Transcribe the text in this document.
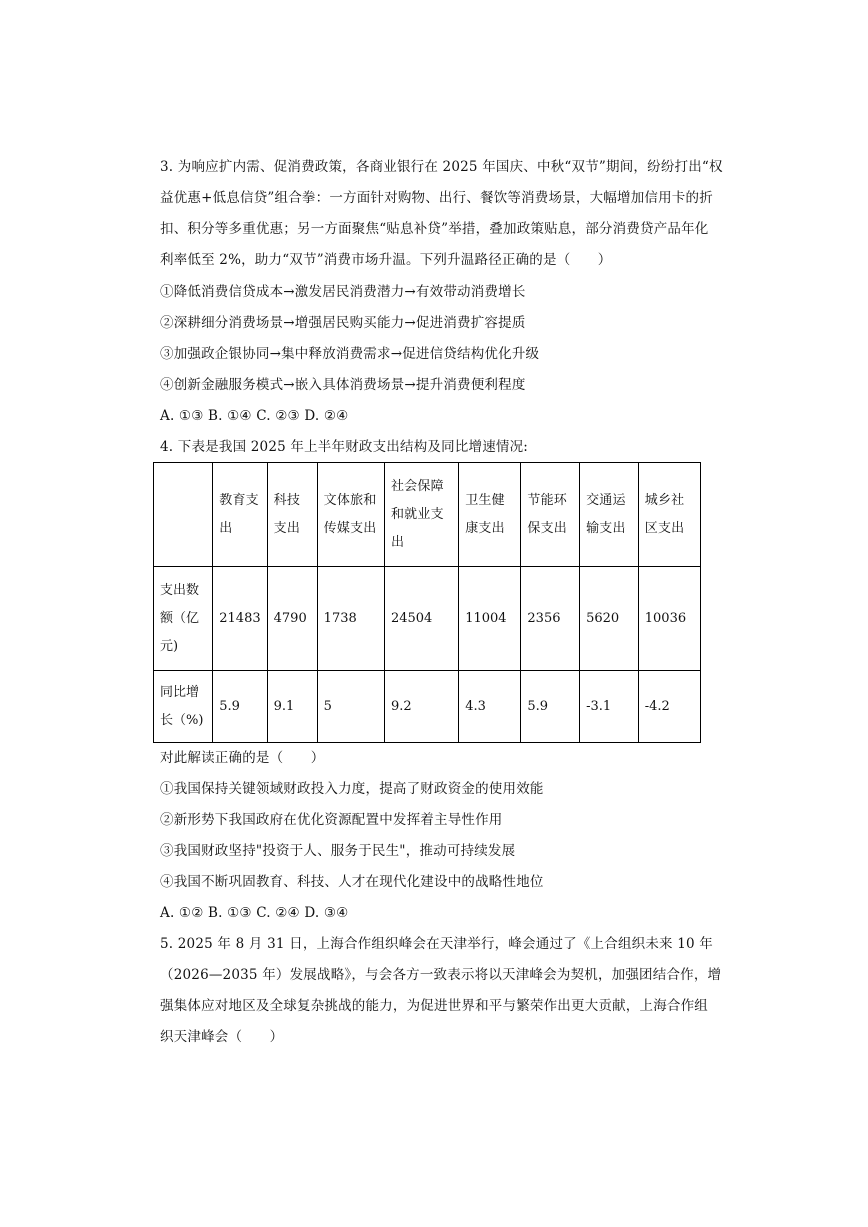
3. 为响应扩内需、促消费政策，各商业银行在 2025 年国庆、中秋“双节”期间，纷纷打出“权
益优惠+低息信贷”组合拳：一方面针对购物、出行、餐饮等消费场景，大幅增加信用卡的折
扣、积分等多重优惠；另一方面聚焦“贴息补贷”举措，叠加政策贴息，部分消费贷产品年化
利率低至 2%，助力“双节”消费市场升温。下列升温路径正确的是（　　）
①降低消费信贷成本→激发居民消费潜力→有效带动消费增长
②深耕细分消费场景→增强居民购买能力→促进消费扩容提质
③加强政企银协同→集中释放消费需求→促进信贷结构优化升级
④创新金融服务模式→嵌入具体消费场景→提升消费便利程度
A. ①③ B. ①④ C. ②③ D. ②④
4. 下表是我国 2025 年上半年财政支出结构及同比增速情况:

	教育支出	科技支出	文体旅和传媒支出	社会保障和就业支出	卫生健康支出	节能环保支出	交通运输支出	城乡社区支出

支出数额（亿元)	21483	4790	1738	24504	11004	2356	5620	10036

同比增长（%)	5.9	9.1	5	9.2	4.3	5.9	-3.1	-4.2
对此解读正确的是（　　）
①我国保持关键领域财政投入力度，提高了财政资金的使用效能
②新形势下我国政府在优化资源配置中发挥着主导性作用
③我国财政坚持"投资于人、服务于民生"，推动可持续发展
④我国不断巩固教育、科技、人才在现代化建设中的战略性地位
A. ①② B. ①③ C. ②④ D. ③④
5. 2025 年 8 月 31 日，上海合作组织峰会在天津举行，峰会通过了《上合组织未来 10 年
（2026—2035 年）发展战略》，与会各方一致表示将以天津峰会为契机，加强团结合作，增
强集体应对地区及全球复杂挑战的能力，为促进世界和平与繁荣作出更大贡献，上海合作组
织天津峰会（　　）
